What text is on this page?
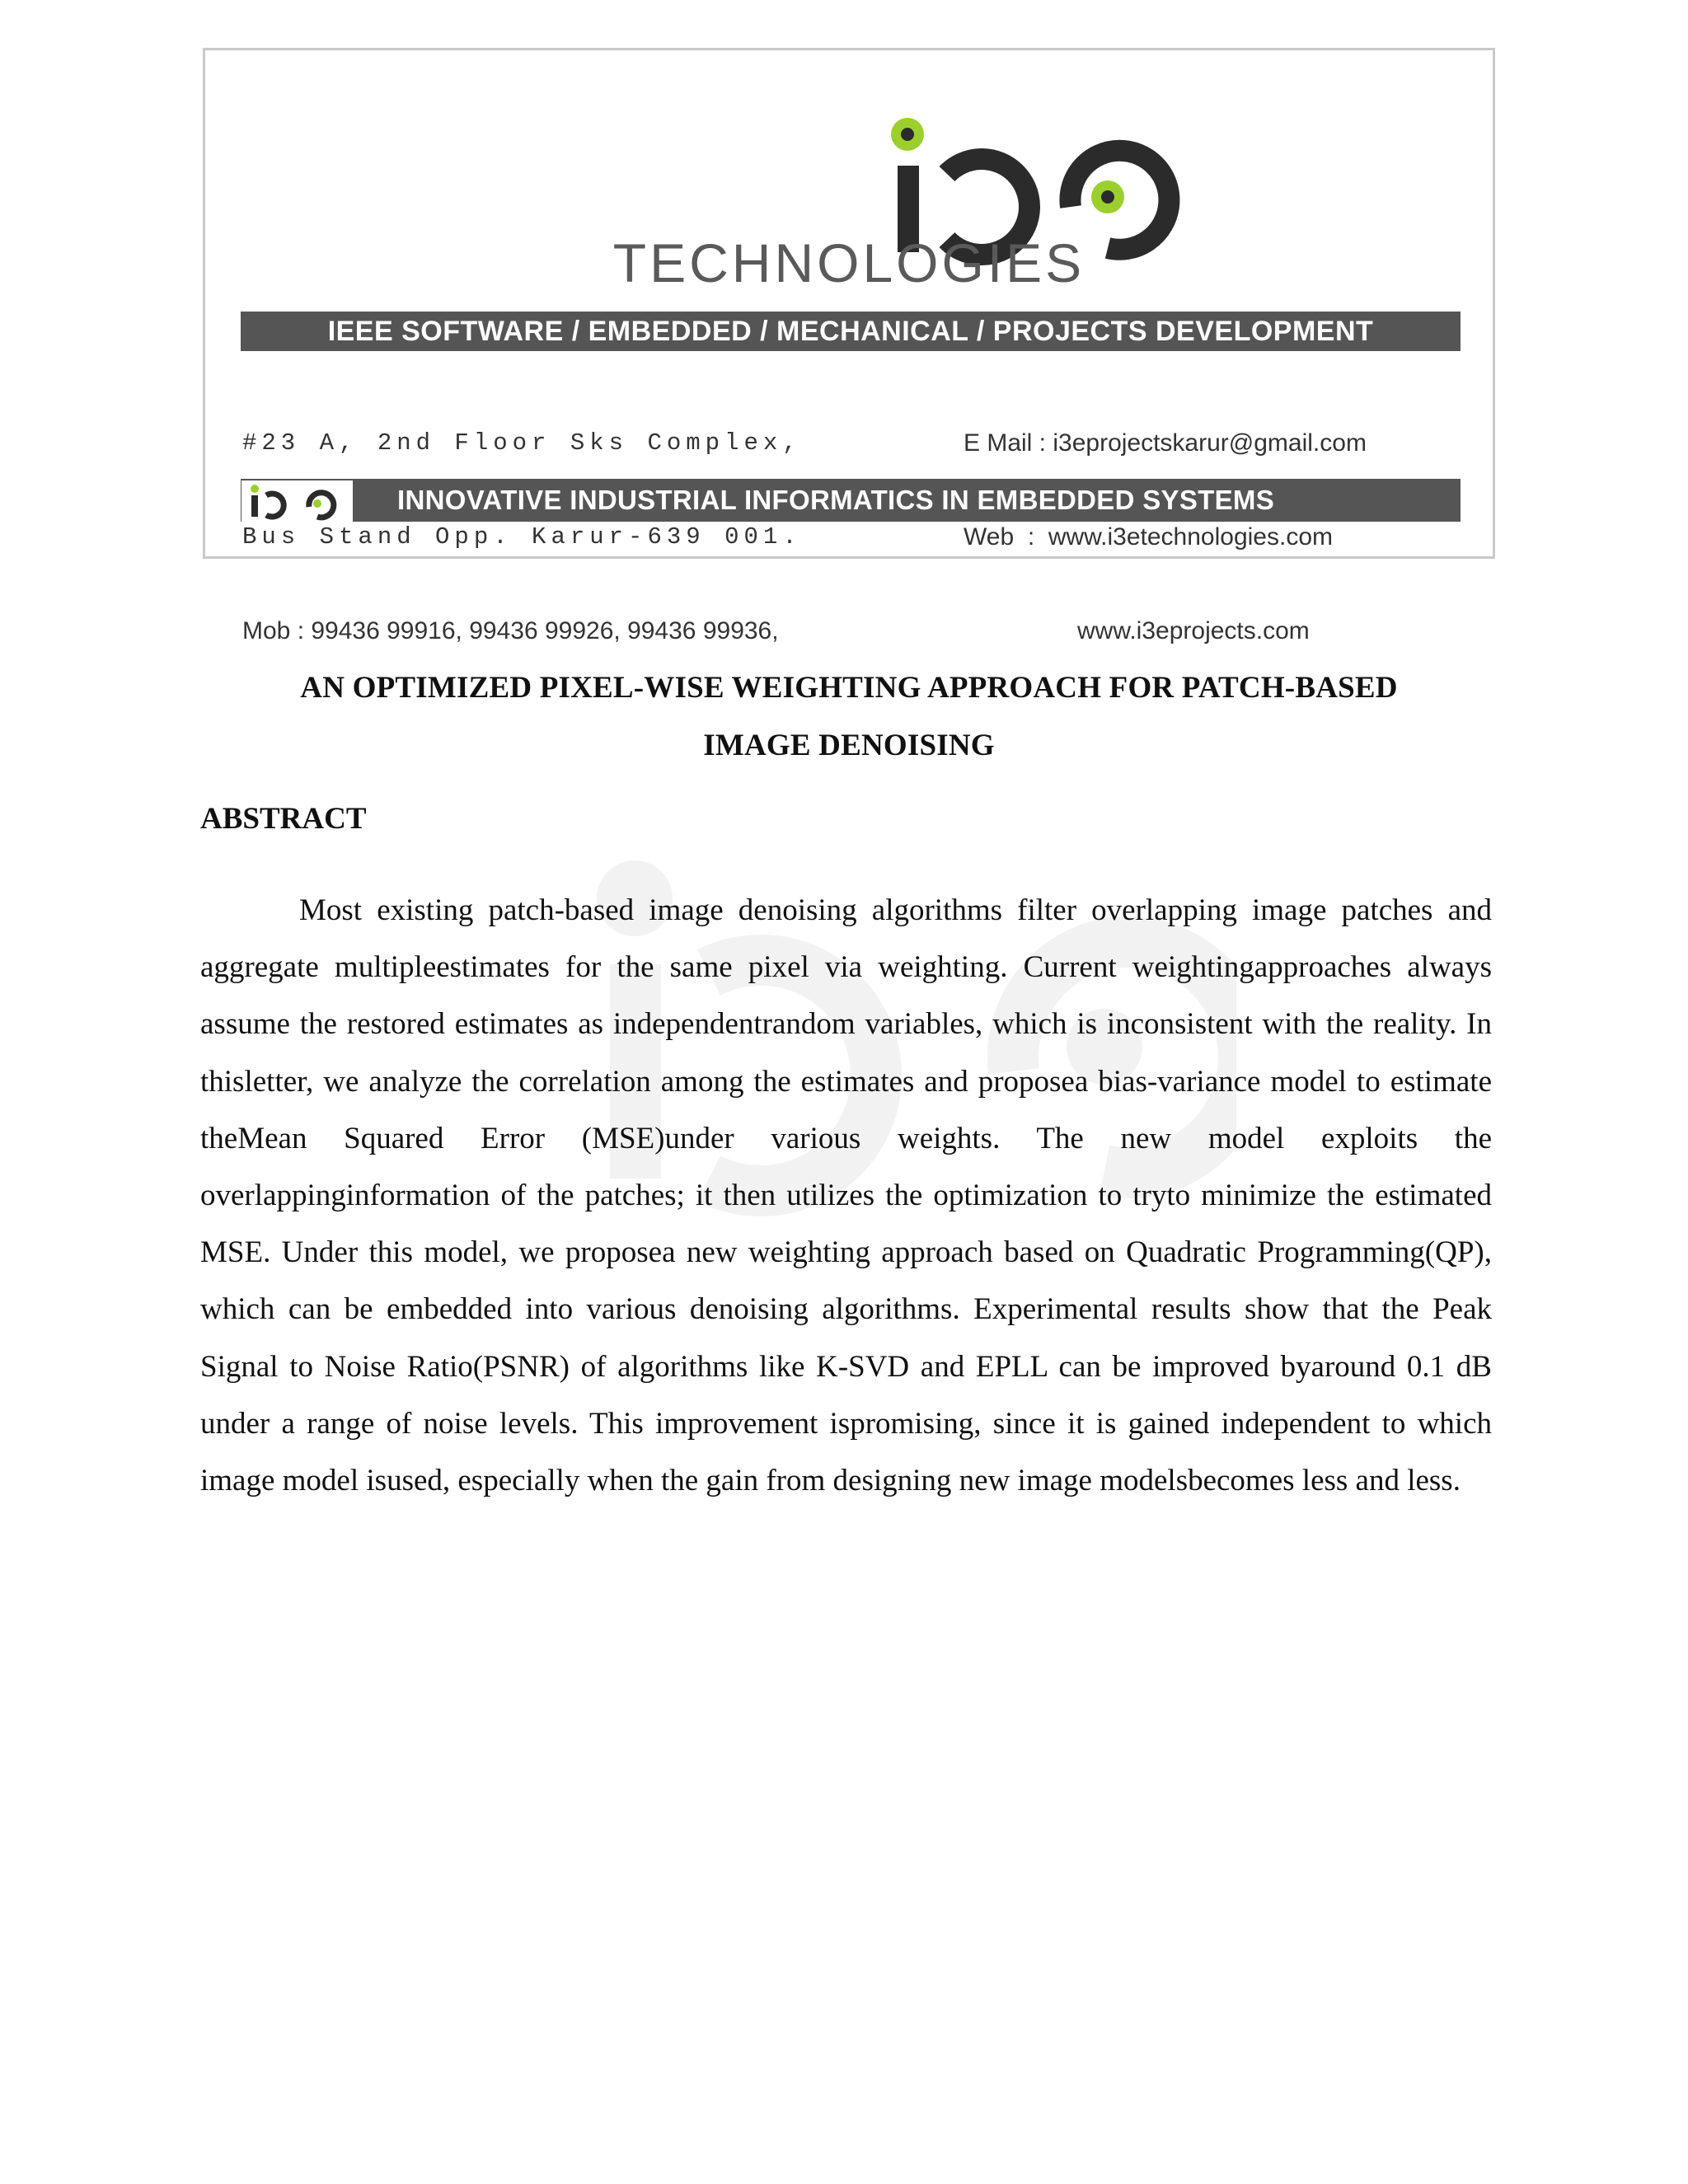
TECHNOLOGIES
IEEE SOFTWARE / EMBEDDED / MECHANICAL / PROJECTS DEVELOPMENT

#23 A, 2nd Floor Sks Complex,

Bus Stand Opp. Karur-639 001.

Mob : 99436 99916, 99436 99926, 99436 99936,

E Mail : i3eprojectskarur@gmail.com

Web  :  www.i3etechnologies.com

www.i3eprojects.com

INNOVATIVE INDUSTRIAL INFORMATICS IN EMBEDDED SYSTEMS
AN OPTIMIZED PIXEL-WISE WEIGHTING APPROACH FOR PATCH-BASED
IMAGE DENOISING
ABSTRACT

Most existing patch-based image denoising algorithms filter overlapping image patches and aggregate multipleestimates for the same pixel via weighting. Current weightingapproaches always assume the restored estimates as independentrandom variables, which is inconsistent with the reality. In thisletter, we analyze the correlation among the estimates and proposea bias-variance model to estimate theMean Squared Error (MSE)under various weights. The new model exploits the overlappinginformation of the patches; it then utilizes the optimization to tryto minimize the estimated MSE. Under this model, we proposea new weighting approach based on Quadratic Programming(QP), which can be embedded into various denoising algorithms. Experimental results show that the Peak Signal to Noise Ratio(PSNR) of algorithms like K-SVD and EPLL can be improved byaround 0.1 dB under a range of noise levels. This improvement ispromising, since it is gained independent to which image model isused, especially when the gain from designing new image modelsbecomes less and less.
